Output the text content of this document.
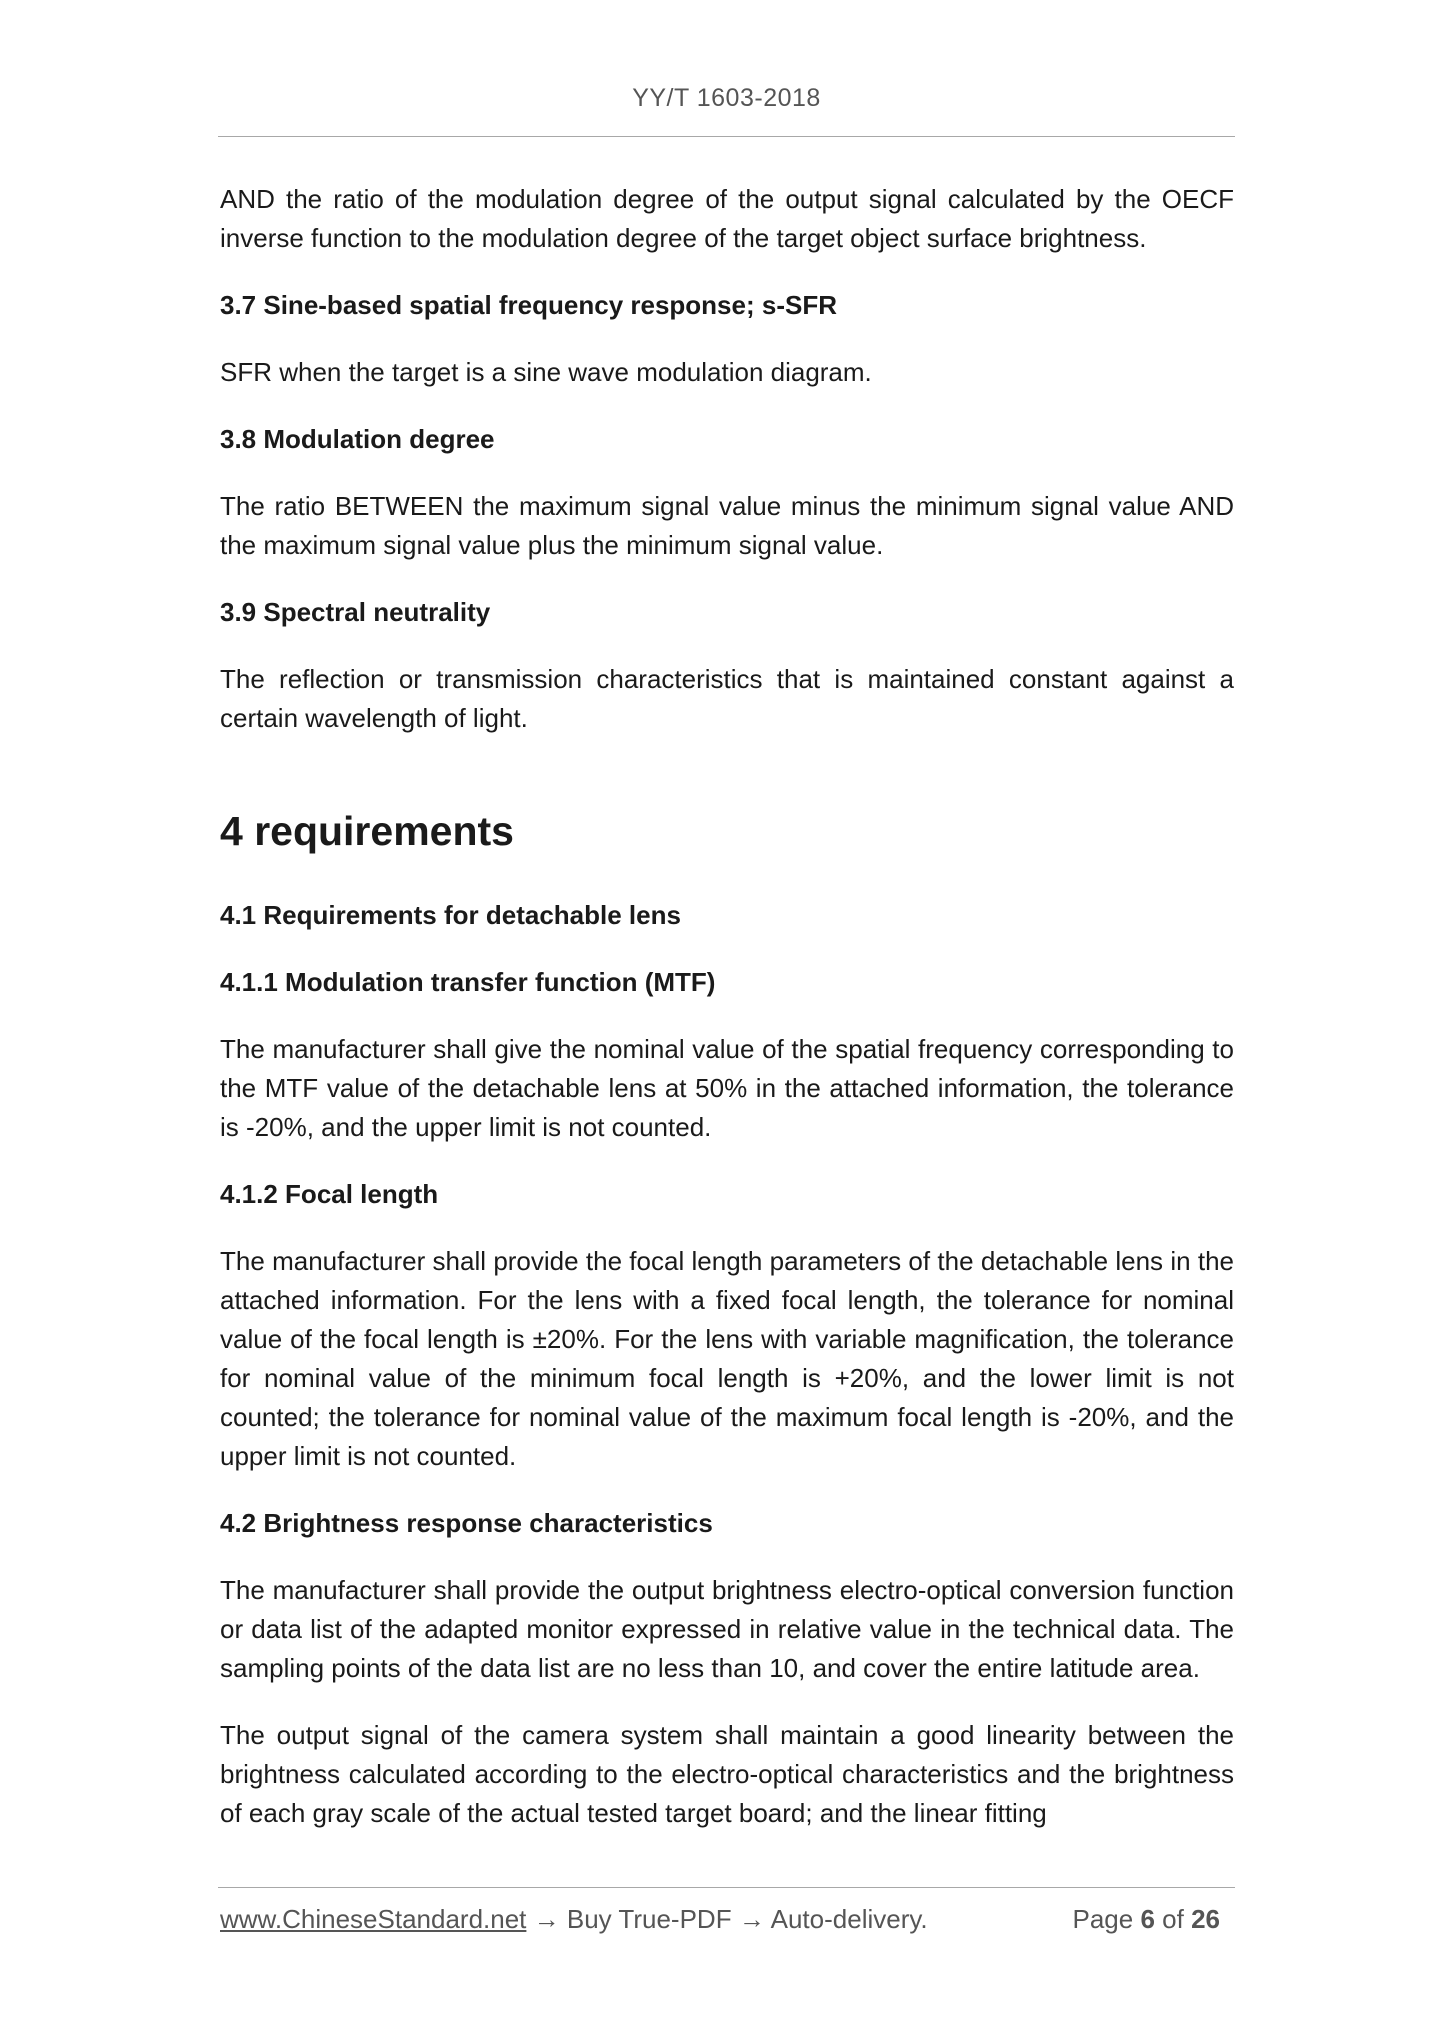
YY/T 1603-2018

AND the ratio of the modulation degree of the output signal calculated by the OECF inverse function to the modulation degree of the target object surface brightness.

3.7 Sine-based spatial frequency response; s-SFR

SFR when the target is a sine wave modulation diagram.

3.8 Modulation degree

The ratio BETWEEN the maximum signal value minus the minimum signal value AND the maximum signal value plus the minimum signal value.

3.9 Spectral neutrality

The reflection or transmission characteristics that is maintained constant against a certain wavelength of light.

4 requirements
4.1 Requirements for detachable lens
4.1.1 Modulation transfer function (MTF)

The manufacturer shall give the nominal value of the spatial frequency corresponding to the MTF value of the detachable lens at 50% in the attached information, the tolerance is -20%, and the upper limit is not counted.

4.1.2 Focal length

The manufacturer shall provide the focal length parameters of the detachable lens in the attached information. For the lens with a fixed focal length, the tolerance for nominal value of the focal length is ±20%. For the lens with variable magnification, the tolerance for nominal value of the minimum focal length is +20%, and the lower limit is not counted; the tolerance for nominal value of the maximum focal length is -20%, and the upper limit is not counted.

4.2 Brightness response characteristics

The manufacturer shall provide the output brightness electro-optical conversion function or data list of the adapted monitor expressed in relative value in the technical data. The sampling points of the data list are no less than 10, and cover the entire latitude area.

The output signal of the camera system shall maintain a good linearity between the brightness calculated according to the electro-optical characteristics and the brightness of each gray scale of the actual tested target board; and the linear fitting

www.ChineseStandard.net → Buy True-PDF → Auto-delivery.	Page 6 of 26
